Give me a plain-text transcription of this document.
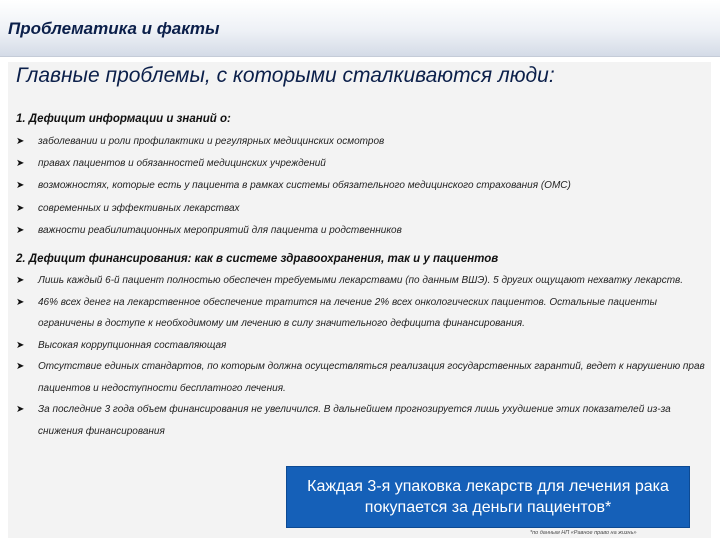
Проблематика и факты
Главные проблемы, с которыми сталкиваются люди:
1. Дефицит информации и знаний о:
➤ заболевании и роли профилактики и регулярных медицинских осмотров
➤ правах пациентов и обязанностей медицинских учреждений
➤ возможностях, которые есть у пациента в рамках системы обязательного медицинского страхования (ОМС)
➤ современных и эффективных лекарствах
➤ важности реабилитационных мероприятий для пациента и родственников
2. Дефицит финансирования: как в системе здравоохранения, так и у пациентов
➤ Лишь каждый 6-й пациент полностью обеспечен требуемыми лекарствами (по данным ВШЭ). 5 других ощущают нехватку лекарств.
➤ 46% всех денег на лекарственное обеспечение тратится на лечение 2% всех онкологических пациентов. Остальные пациенты ограничены в доступе к необходимому им лечению в силу значительного дефицита финансирования.
➤ Высокая коррупционная составляющая
➤ Отсутствие единых стандартов, по которым должна осуществляться реализация государственных гарантий, ведет к нарушению прав пациентов и недоступности бесплатного лечения.
➤ За последние 3 года объем финансирования не увеличился. В дальнейшем прогнозируется лишь ухудшение этих показателей из-за снижения финансирования
Каждая 3-я упаковка лекарств для лечения рака покупается за деньги пациентов*
*по данным НП «Равное право на жизнь»
